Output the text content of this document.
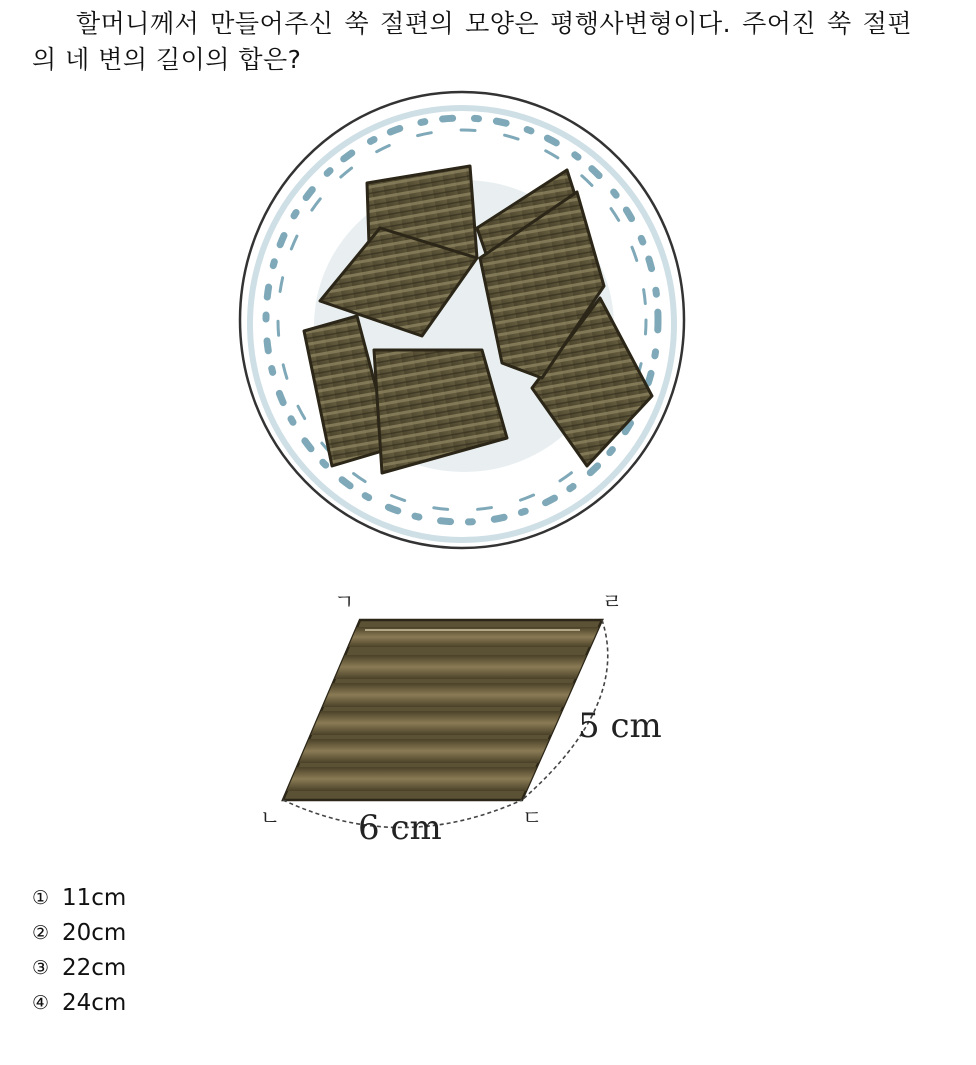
할머니께서 만들어주신 쑥 절편의 모양은 평행사변형이다. 주어진 쑥 절편의 네 변의 길이의 합은?

ㄱ	ㄹ
ㄴ	ㄷ
5 cm
6 cm
① 11cm
② 20cm
③ 22cm
④ 24cm
